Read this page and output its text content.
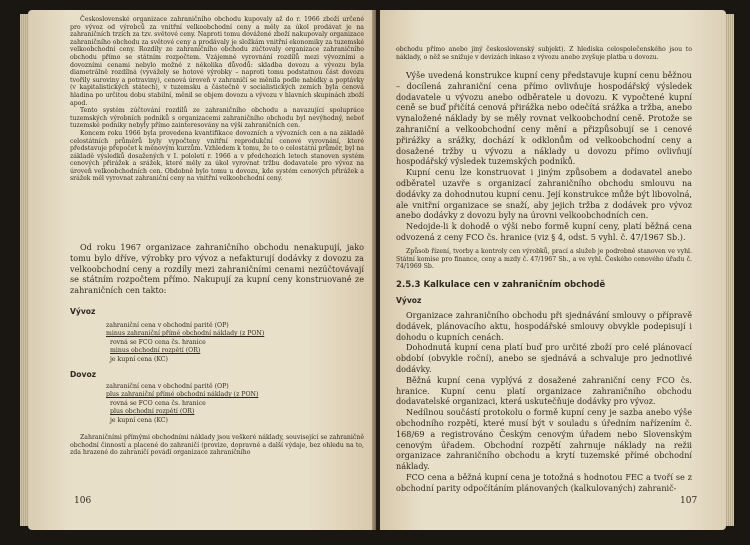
Československé organizace zahraničního obchodu kupovaly až do r. 1966 zboží určené pro vývoz od výrobců za vnitřní velkoobchodní ceny a měly za úkol prodávat je na zahraničních trzích za tzv. světové ceny. Naproti tomu dovážené zboží nakupovaly organizace zahraničního obchodu za světové ceny a prodávaly je složkám vnitřní ekonomiky za tuzemské velkoobchodní ceny. Rozdíly ze zahraničního obchodu zúčtovaly organizace zahraničního obchodu přímo se státním rozpočtem. Vzájemné vyrovnání rozdílů mezi vývozními a dovozními cenami nebylo možné z několika důvodů: skladba dovozu a vývozu byla diametrálně rozdílná (vyvážely se hotové výrobky – naproti tomu podstatnou část dovozu tvořily suroviny a potraviny), cenová úroveň v zahraničí se měnila podle nabídky a poptávky (v kapitalistických státech), v tuzemsku a částečně v socialistických zemích byla cenová hladina po určitou dobu stabilní, měnil se objem dovozu a vývozu v hlavních skupinách zboží apod.

Tento systém zúčtování rozdílů ze zahraničního obchodu a navazující spolupráce tuzemských výrobních podniků s organizacemi zahraničního obchodu byl nevýhodný, neboť tuzemské podniky nebyly přímo zainteresovány na výši zahraničních cen.

Koncem roku 1966 byla provedena kvantifikace dovozních a vývozních cen a na základě celostátních průměrů byly vypočteny vnitřní reprodukční cenové vyrovnání, které představuje přepočet k měnovým kurzům. Vzhledem k tomu, že to o celostátní průměr, byl na základě výsledků dosažených v I. pololetí r. 1966 a v předchozích letech stanoven systém cenových přirážek a srážek, které měly za úkol vyrovnat tržbu dodavatele pro vývoz na úroveň velkoobchodních cen. Obdobně bylo tomu u dovozu, kde systém cenových přirážek a srážek měl vyrovnat zahraniční ceny na vnitřní velkoobchodní ceny.

Od roku 1967 organizace zahraničního obchodu nenakupují, jako tomu bylo dříve, výrobky pro vývoz a nefakturují dodávky z dovozu za velkoobchodní ceny a rozdíly mezi zahraničními cenami nezúčtovávají se státním rozpočtem přímo. Nakupují za kupní ceny konstruované ze zahraničních cen takto:

Vývoz

zahraniční cena v obchodní paritě (OP)
minus zahraniční přímé obchodní náklady (z PON)
rovná se FCO cena čs. hranice
minus obchodní rozpětí (OR)
je kupní cena (KC)

Dovoz

zahraniční cena v obchodní paritě (OP)
plus zahraniční přímé obchodní náklady (z PON)
rovná se FCO cena čs. hranice
plus obchodní rozpětí (OR)
je kupní cena (KC)

Zahraničními přímými obchodními náklady jsou veškeré náklady, související se zahraničně obchodní činností a placené do zahraničí (provize, dopravné a další výdaje, bez ohledu na to, zda hrazené do zahraničí povádí organizace zahraničního

106

obchodu přímo anebo jiný československý subjekt). Z hlediska celospolečenského jsou to náklady, o něž se snižuje v devizách inkaso z vývozu anebo zvyšuje platba u dovozu.

Výše uvedená konstrukce kupní ceny představuje kupní cenu běžnou – docílená zahraniční cena přímo ovlivňuje hospodářský výsledek dodavatele u vývozu anebo odběratele u dovozu. K vypočtené kupní ceně se buď přičítá cenová přirážka nebo odečítá srážka a tržba, anebo vynaložené náklady by se měly rovnat velkoobchodní ceně. Protože se zahraniční a velkoobchodní ceny mění a přizpůsobují se i cenové přirážky a srážky, dochází k odklonům od velkoobchodní ceny a dosažené tržby u vývozu a náklady u dovozu přímo ovlivňují hospodářský výsledek tuzemských podniků.

Kupní cenu lze konstruovat i jiným způsobem a dodavatel anebo odběratel uzavře s organizací zahraničního obchodu smlouvu na dodávky za dohodnutou kupní cenu. Její konstrukce může být libovolná, ale vnitřní organizace se snaží, aby jejich tržba z dodávek pro vývoz anebo dodávky z dovozu byly na úrovni velkoobchodních cen.

Nedojde-li k dohodě o výši nebo formě kupní ceny, platí běžná cena odvozená z ceny FCO čs. hranice (viz § 4, odst. 5 vyhl. č. 47/1967 Sb.).

Způsob řízení, tvorby a kontroly cen výrobků, prací a služeb je podrobně stanoven ve vyhl. Státní komise pro finance, ceny a mzdy č. 47/1967 Sb., a ve vyhl. Českého cenového úřadu č. 74/1969 Sb.

2.5.3 Kalkulace cen v zahraničním obchodě

Vývoz

Organizace zahraničního obchodu při sjednávání smlouvy o přípravě dodávek, plánovacího aktu, hospodářské smlouvy obvykle podepisují i dohodu o kupních cenách.

Dohodnutá kupní cena platí buď pro určité zboží pro celé plánovací období (obvykle roční), anebo se sjednává a schvaluje pro jednotlivé dodávky.

Běžná kupní cena vyplývá z dosažené zahraniční ceny FCO čs. hranice. Kupní cenu platí organizace zahraničního obchodu dodavatelské organizaci, která uskutečňuje dodávky pro vývoz.

Nedílnou součástí protokolu o formě kupní ceny je sazba anebo výše obchodního rozpětí, které musí být v souladu s úředním nařízením č. 168/69 a registrováno Českým cenovým úřadem nebo Slovenským cenovým úřadem. Obchodní rozpětí zahrnuje náklady na režii organizace zahraničního obchodu a krytí tuzemské přímé obchodní náklady.

FCO cena a běžná kupní cena je totožná s hodnotou FEC a tvoří se z obchodní parity odpočítáním plánovaných (kalkulovaných) zahranič-

107
